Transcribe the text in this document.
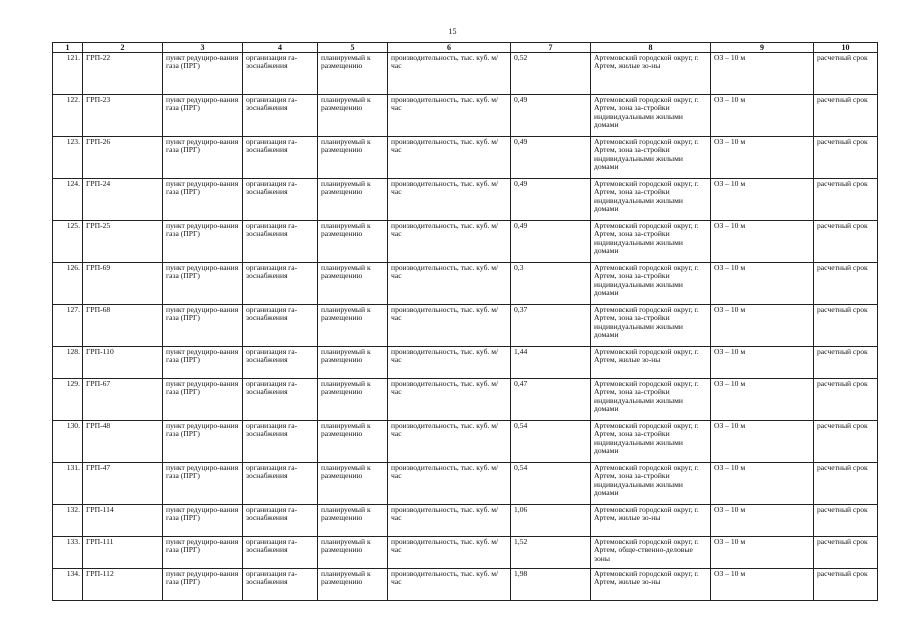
15
1	2	3	4	5	6	7	8	9	10
121.	ГРП-22	пункт редуциро-вания газа (ПРГ)	организация га-зоснабжения	планируемый к размещению	производительность, тыс. куб. м/час	0,52	Артемовский городской округ, г. Артем, жилые зо-ны	ОЗ – 10 м	расчетный срок
122.	ГРП-23	пункт редуциро-вания газа (ПРГ)	организация га-зоснабжения	планируемый к размещению	производительность, тыс. куб. м/час	0,49	Артемовский городской округ, г. Артем, зона за-стройки индивидуальными жилыми домами	ОЗ – 10 м	расчетный срок
123.	ГРП-26	пункт редуциро-вания газа (ПРГ)	организация га-зоснабжения	планируемый к размещению	производительность, тыс. куб. м/час	0,49	Артемовский городской округ, г. Артем, зона за-стройки индивидуальными жилыми домами	ОЗ – 10 м	расчетный срок
124.	ГРП-24	пункт редуциро-вания газа (ПРГ)	организация га-зоснабжения	планируемый к размещению	производительность, тыс. куб. м/час	0,49	Артемовский городской округ, г. Артем, зона за-стройки индивидуальными жилыми домами	ОЗ – 10 м	расчетный срок
125.	ГРП-25	пункт редуциро-вания газа (ПРГ)	организация га-зоснабжения	планируемый к размещению	производительность, тыс. куб. м/час	0,49	Артемовский городской округ, г. Артем, зона за-стройки индивидуальными жилыми домами	ОЗ – 10 м	расчетный срок
126.	ГРП-69	пункт редуциро-вания газа (ПРГ)	организация га-зоснабжения	планируемый к размещению	производительность, тыс. куб. м/час	0,3	Артемовский городской округ, г. Артем, зона за-стройки индивидуальными жилыми домами	ОЗ – 10 м	расчетный срок
127.	ГРП-68	пункт редуциро-вания газа (ПРГ)	организация га-зоснабжения	планируемый к размещению	производительность, тыс. куб. м/час	0,37	Артемовский городской округ, г. Артем, зона за-стройки индивидуальными жилыми домами	ОЗ – 10 м	расчетный срок
128.	ГРП-110	пункт редуциро-вания газа (ПРГ)	организация га-зоснабжения	планируемый к размещению	производительность, тыс. куб. м/час	1,44	Артемовский городской округ, г. Артем, жилые зо-ны	ОЗ – 10 м	расчетный срок
129.	ГРП-67	пункт редуциро-вания газа (ПРГ)	организация га-зоснабжения	планируемый к размещению	производительность, тыс. куб. м/час	0,47	Артемовский городской округ, г. Артем, зона за-стройки индивидуальными жилыми домами	ОЗ – 10 м	расчетный срок
130.	ГРП-48	пункт редуциро-вания газа (ПРГ)	организация га-зоснабжения	планируемый к размещению	производительность, тыс. куб. м/час	0,54	Артемовский городской округ, г. Артем, зона за-стройки индивидуальными жилыми домами	ОЗ – 10 м	расчетный срок
131.	ГРП-47	пункт редуциро-вания газа (ПРГ)	организация га-зоснабжения	планируемый к размещению	производительность, тыс. куб. м/час	0,54	Артемовский городской округ, г. Артем, зона за-стройки индивидуальными жилыми домами	ОЗ – 10 м	расчетный срок
132.	ГРП-114	пункт редуциро-вания газа (ПРГ)	организация га-зоснабжения	планируемый к размещению	производительность, тыс. куб. м/час	1,06	Артемовский городской округ, г. Артем, жилые зо-ны	ОЗ – 10 м	расчетный срок
133.	ГРП-111	пункт редуциро-вания газа (ПРГ)	организация га-зоснабжения	планируемый к размещению	производительность, тыс. куб. м/час	1,52	Артемовский городской округ, г. Артем, обще-ственно-деловые зоны	ОЗ – 10 м	расчетный срок
134.	ГРП-112	пункт редуциро-вания газа (ПРГ)	организация га-зоснабжения	планируемый к размещению	производительность, тыс. куб. м/час	1,98	Артемовский городской округ, г. Артем, жилые зо-ны	ОЗ – 10 м	расчетный срок
